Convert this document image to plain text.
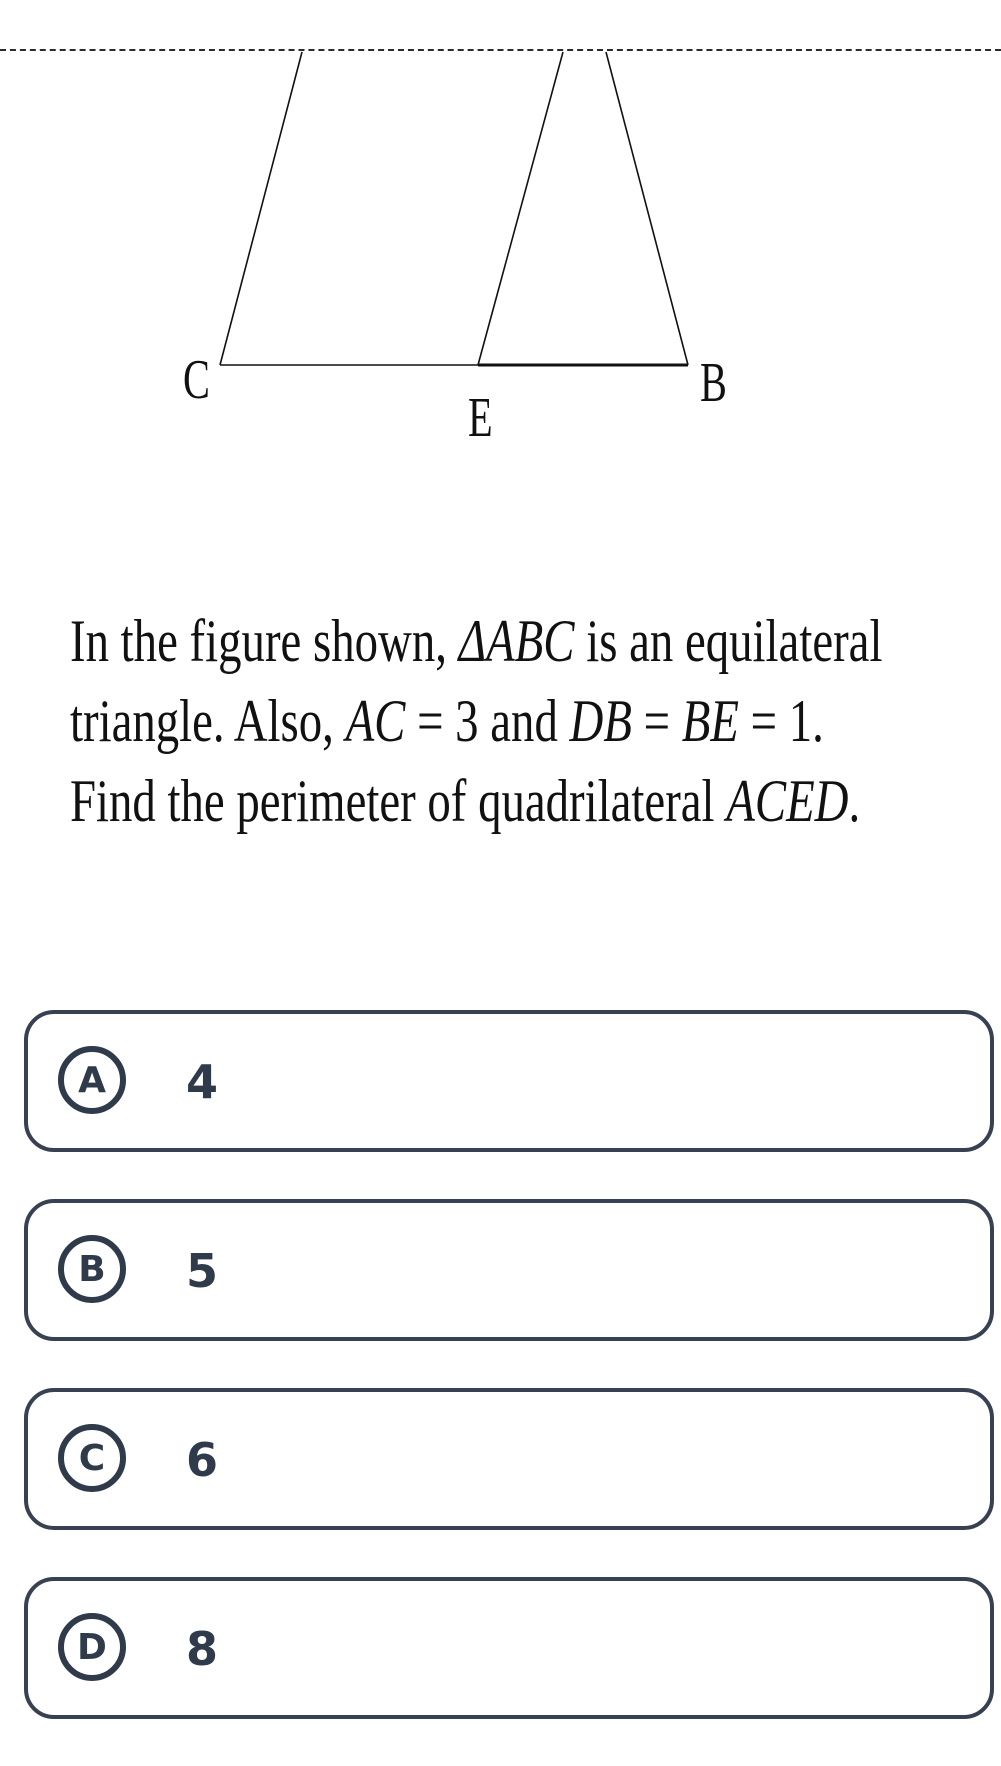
C
E
B
In the figure shown, ΔABC is an equilateral
triangle. Also, AC = 3 and DB = BE = 1.
Find the perimeter of quadrilateral ACED.
A	4
B	5
C	6
D	8
